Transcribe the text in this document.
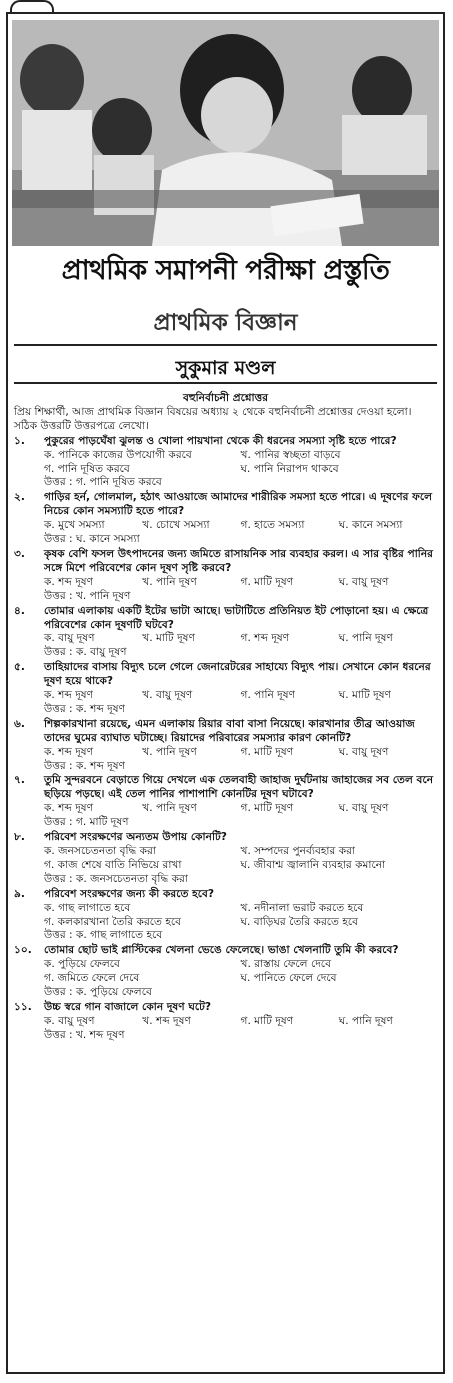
প্রাথমিক সমাপনী পরীক্ষা প্রস্তুতি
প্রাথমিক বিজ্ঞান
সুকুমার মণ্ডল
বহুনির্বাচনী প্রশ্নোত্তর
প্রিয় শিক্ষার্থী, আজ প্রাথমিক বিজ্ঞান বিষয়ের অধ্যায় ২ থেকে বহুনির্বাচনী প্রশ্নোত্তর দেওয়া হলো।
সঠিক উত্তরটি উত্তরপত্রে লেখো।
১.	পুকুরের পাড়ঘেঁষা ঝুলন্ত ও খোলা পায়খানা থেকে কী ধরনের সমস্যা সৃষ্টি হতে পারে?
ক. পানিকে কাজের উপযোগী করবে	খ. পানির স্বচ্ছতা বাড়বে
গ. পানি দূষিত করবে	ঘ. পানি নিরাপদ থাকবে
উত্তর : গ. পানি দূষিত করবে
২.	গাড়ির হর্ন, গোলমাল, হঠাৎ আওয়াজে আমাদের শারীরিক সমস্যা হতে পারে। এ দূষণের ফলে নিচের কোন সমস্যাটি হতে পারে?
ক. মুখে সমস্যা	খ. চোখে সমস্যা	গ. হাতে সমস্যা	ঘ. কানে সমস্যা
উত্তর : ঘ. কানে সমস্যা
৩.	কৃষক বেশি ফসল উৎপাদনের জন্য জমিতে রাসায়নিক সার ব্যবহার করল। এ সার বৃষ্টির পানির সঙ্গে মিশে পরিবেশের কোন দূষণ সৃষ্টি করবে?
ক. শব্দ দূষণ	খ. পানি দূষণ	গ. মাটি দূষণ	ঘ. বায়ু দূষণ
উত্তর : খ. পানি দূষণ
৪.	তোমার এলাকায় একটি ইটের ভাটা আছে। ভাটাটিতে প্রতিনিয়ত ইট পোড়ানো হয়। এ ক্ষেত্রে পরিবেশের কোন দূষণটি ঘটবে?
ক. বায়ু দূষণ	খ. মাটি দূষণ	গ. শব্দ দূষণ	ঘ. পানি দূষণ
উত্তর : ক. বায়ু দূষণ
৫.	তাহিয়াদের বাসায় বিদ্যুৎ চলে গেলে জেনারেটরের সাহায্যে বিদ্যুৎ পায়। সেখানে কোন ধরনের দূষণ হয়ে থাকে?
ক. শব্দ দূষণ	খ. বায়ু দূষণ	গ. পানি দূষণ	ঘ. মাটি দূষণ
উত্তর : ক. শব্দ দূষণ
৬.	শিল্পকারখানা রয়েছে, এমন এলাকায় রিয়ার বাবা বাসা নিয়েছে। কারখানার তীব্র আওয়াজ তাদের ঘুমের ব্যাঘাত ঘটাচ্ছে। রিয়াদের পরিবারের সমস্যার কারণ কোনটি?
ক. শব্দ দূষণ	খ. পানি দূষণ	গ. মাটি দূষণ	ঘ. বায়ু দূষণ
উত্তর : ক. শব্দ দূষণ
৭.	তুমি সুন্দরবনে বেড়াতে গিয়ে দেখলে এক তেলবাহী জাহাজ দুর্ঘটনায় জাহাজের সব তেল বনে ছড়িয়ে পড়ছে। এই তেল পানির পাশাপাশি কোনটির দূষণ ঘটাবে?
ক. শব্দ দূষণ	খ. পানি দূষণ	গ. মাটি দূষণ	ঘ. বায়ু দূষণ
উত্তর : গ. মাটি দূষণ
৮.	পরিবেশ সংরক্ষণের অন্যতম উপায় কোনটি?
ক. জনসচেতনতা বৃদ্ধি করা	খ. সম্পদের পুনর্ব্যবহার করা
গ. কাজ শেষে বাতি নিভিয়ে রাখা	ঘ. জীবাশ্ম জ্বালানি ব্যবহার কমানো
উত্তর : ক. জনসচেতনতা বৃদ্ধি করা
৯.	পরিবেশ সংরক্ষণের জন্য কী করতে হবে?
ক. গাছ লাগাতে হবে	খ. নদীনালা ভরাট করতে হবে
গ. কলকারখানা তৈরি করতে হবে	ঘ. বাড়িঘর তৈরি করতে হবে
উত্তর : ক. গাছ লাগাতে হবে
১০.	তোমার ছোট ভাই প্লাস্টিকের খেলনা ভেঙে ফেলেছে। ভাঙা খেলনাটি তুমি কী করবে?
ক. পুড়িয়ে ফেলবে	খ. রাস্তায় ফেলে দেবে
গ. জমিতে ফেলে দেবে	ঘ. পানিতে ফেলে দেবে
উত্তর : ক. পুড়িয়ে ফেলবে
১১.	উচ্চ স্বরে গান বাজালে কোন দূষণ ঘটে?
ক. বায়ু দূষণ	খ. শব্দ দূষণ	গ. মাটি দূষণ	ঘ. পানি দূষণ
উত্তর : খ. শব্দ দূষণ
